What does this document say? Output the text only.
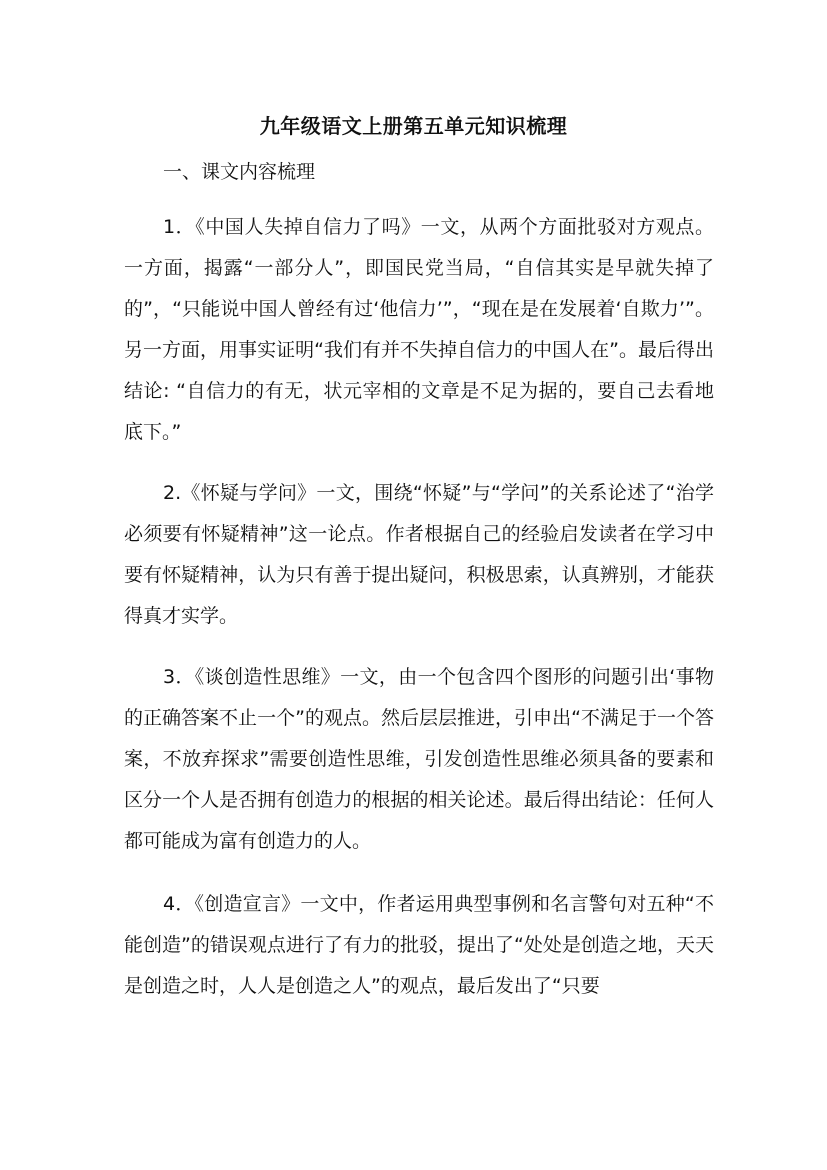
九年级语文上册第五单元知识梳理
一、课文内容梳理

1．《中国人失掉自信力了吗》一文，从两个方面批驳对方观点。一方面，揭露“一部分人”，即国民党当局，“自信其实是早就失掉了的”，“只能说中国人曾经有过‘他信力’”，“现在是在发展着‘自欺力’”。另一方面，用事实证明“我们有并不失掉自信力的中国人在”。最后得出结论: “自信力的有无，状元宰相的文章是不足为据的，要自己去看地底下。”

2.《怀疑与学问》一文，围绕“怀疑”与“学问”的关系论述了“治学必须要有怀疑精神”这一论点。作者根据自己的经验启发读者在学习中要有怀疑精神，认为只有善于提出疑问，积极思索，认真辨别，才能获得真才实学。

3．《谈创造性思维》一文，由一个包含四个图形的问题引出‘事物的正确答案不止一个”的观点。然后层层推进，引申出“不满足于一个答案，不放弃探求”需要创造性思维，引发创造性思维必须具备的要素和区分一个人是否拥有创造力的根据的相关论述。最后得出结论：任何人都可能成为富有创造力的人。

4．《创造宣言》一文中，作者运用典型事例和名言警句对五种“不能创造”的错误观点进行了有力的批驳，提出了“处处是创造之地，天天是创造之时，人人是创造之人”的观点，最后发出了“只要
